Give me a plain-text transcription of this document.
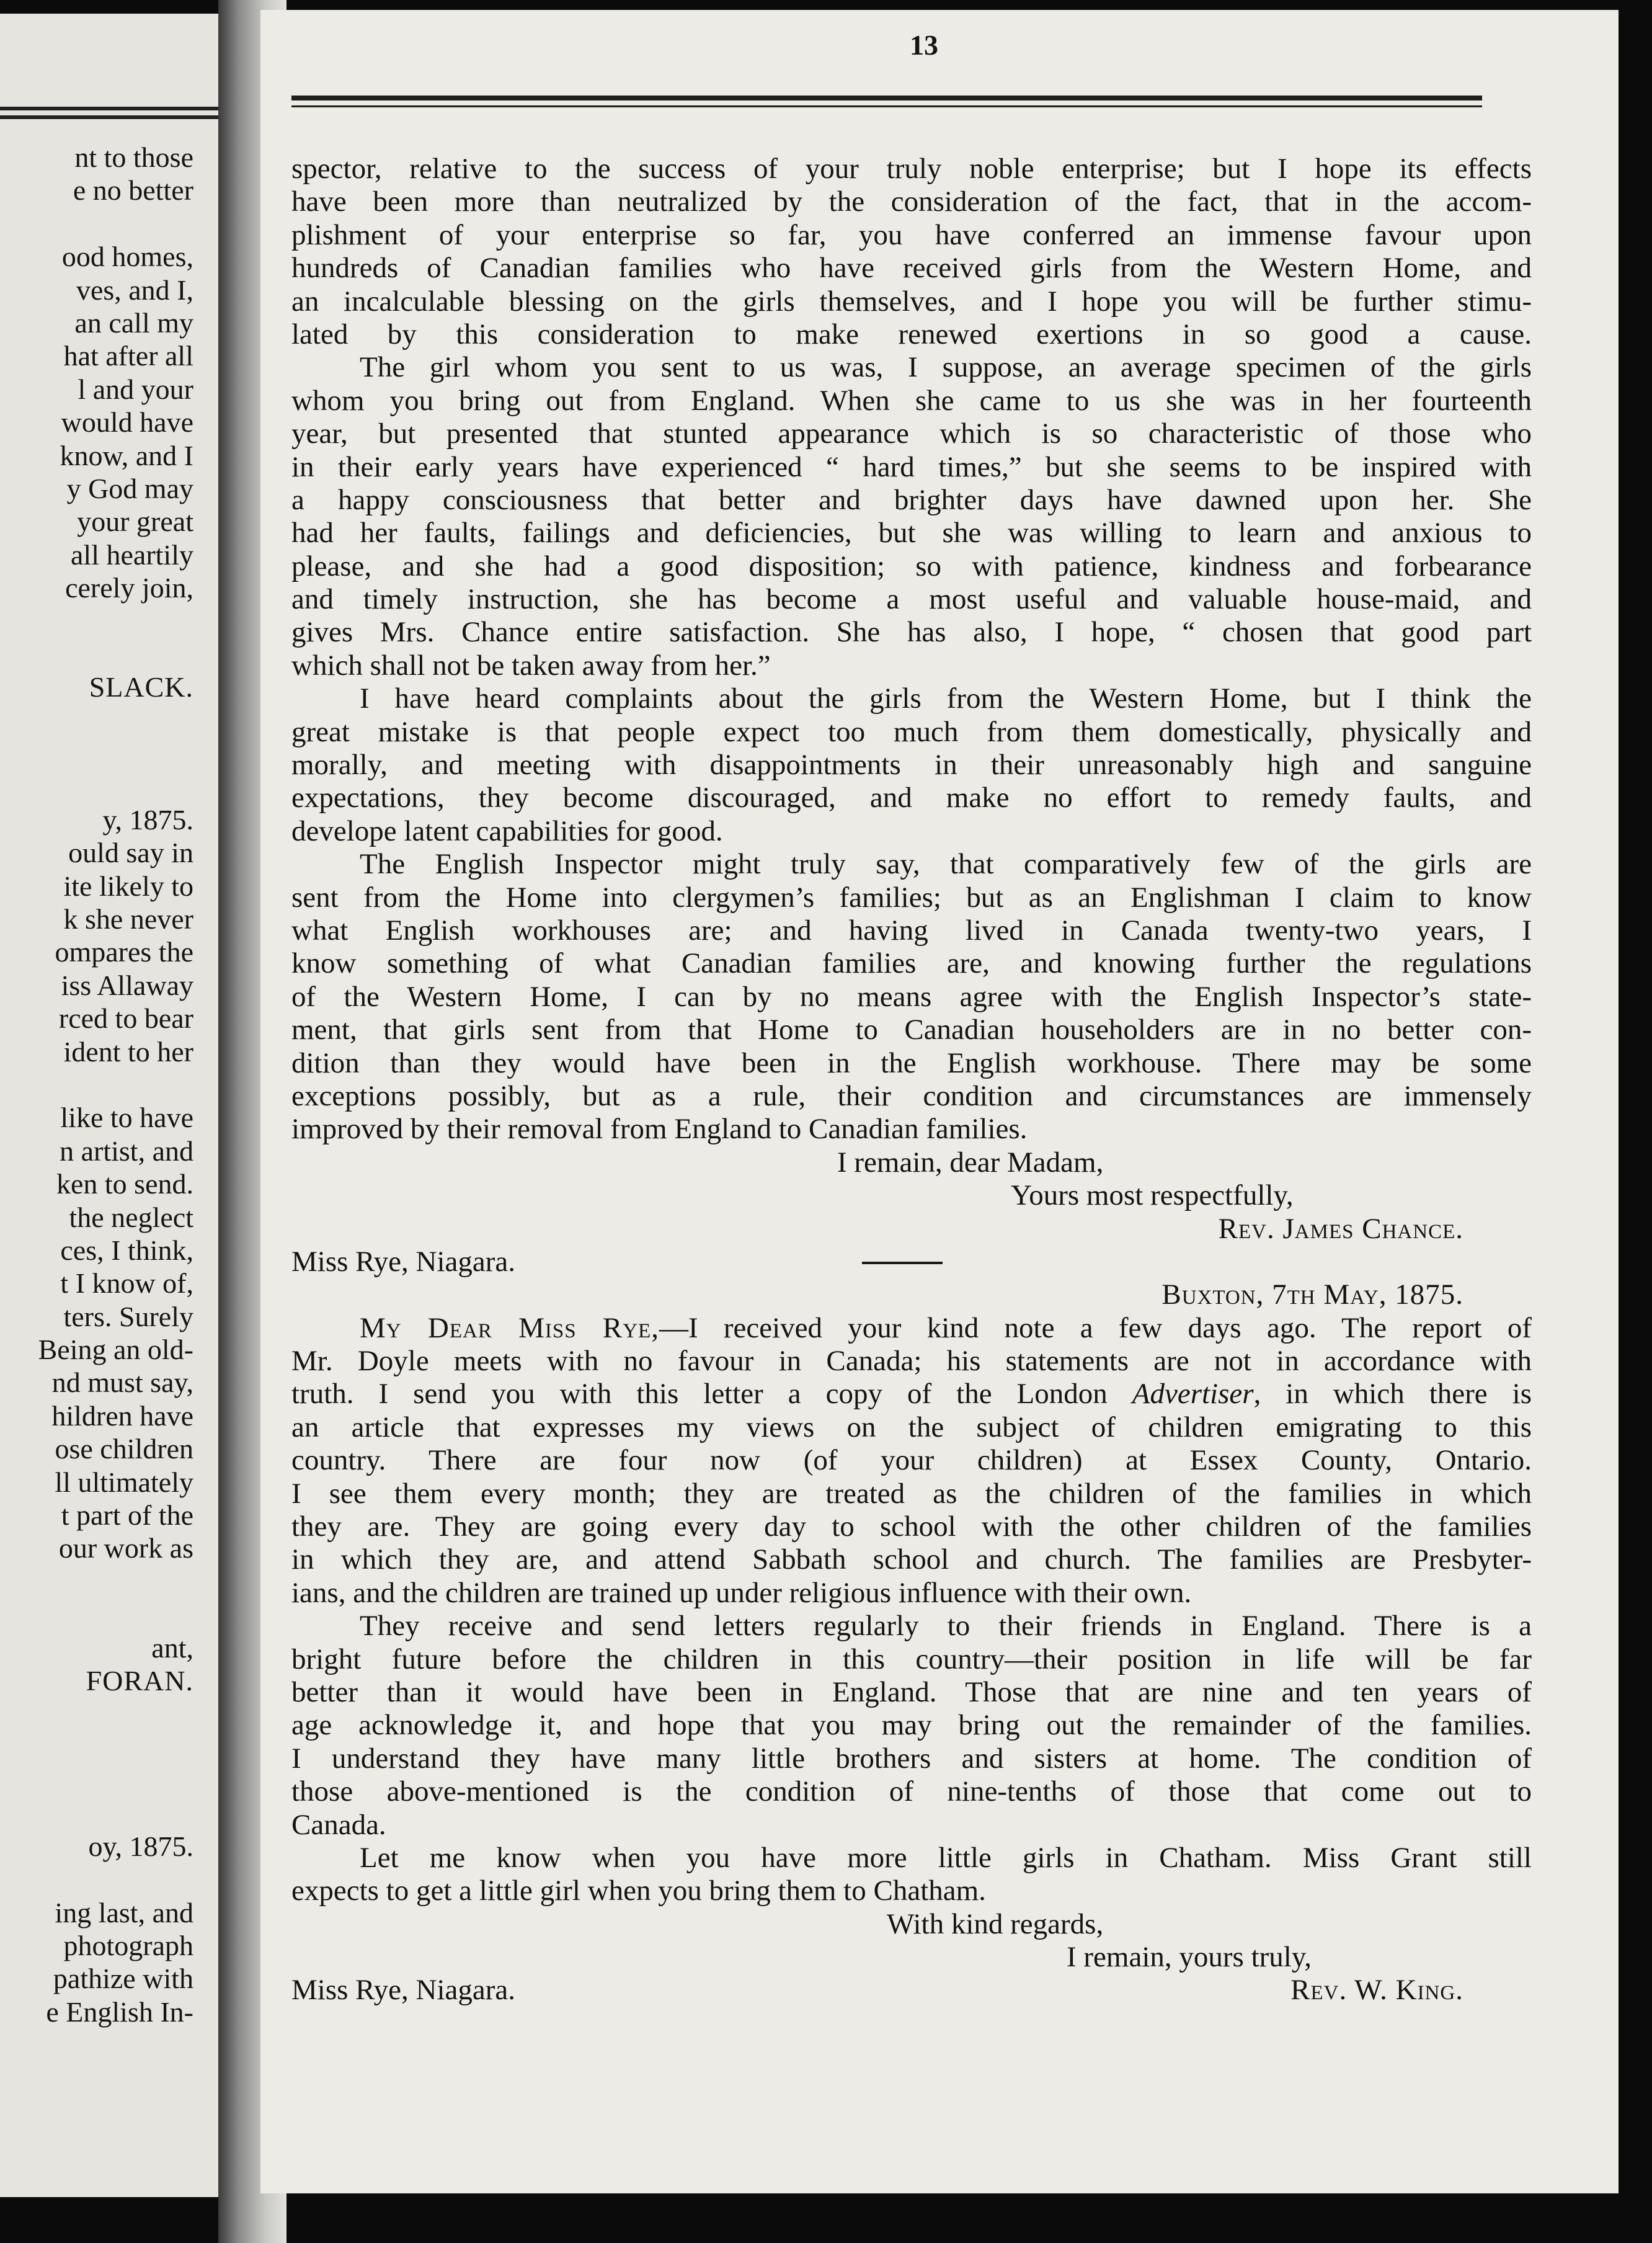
nt to those
e no better
ood homes,
ves, and I,
an call my
hat after all
l and your
would have
know, and I
y God may
your great
all heartily
cerely join,
SLACK.
y, 1875.
ould say in
ite likely to
k she never
ompares the
iss Allaway
rced to bear
ident to her
like to have
n artist, and
ken to send.
the neglect
ces, I think,
t I know of,
ters. Surely
Being an old-
nd must say,
hildren have
ose children
ll ultimately
t part of the
our work as
ant,
FORAN.
oy, 1875.
ing last, and
photograph
pathize with
e English In-
13
spector, relative to the success of your truly noble enterprise; but I hope its effects
have been more than neutralized by the consideration of the fact, that in the accom-
plishment of your enterprise so far, you have conferred an immense favour upon
hundreds of Canadian families who have received girls from the Western Home, and
an incalculable blessing on the girls themselves, and I hope you will be further stimu-
lated by this consideration to make renewed exertions in so good a cause.
The girl whom you sent to us was, I suppose, an average specimen of the girls
whom you bring out from England. When she came to us she was in her fourteenth
year, but presented that stunted appearance which is so characteristic of those who
in their early years have experienced “ hard times,” but she seems to be inspired with
a happy consciousness that better and brighter days have dawned upon her. She
had her faults, failings and deficiencies, but she was willing to learn and anxious to
please, and she had a good disposition; so with patience, kindness and forbearance
and timely instruction, she has become a most useful and valuable house-maid, and
gives Mrs. Chance entire satisfaction. She has also, I hope, “ chosen that good part
which shall not be taken away from her.”
I have heard complaints about the girls from the Western Home, but I think the
great mistake is that people expect too much from them domestically, physically and
morally, and meeting with disappointments in their unreasonably high and sanguine
expectations, they become discouraged, and make no effort to remedy faults, and
develope latent capabilities for good.
The English Inspector might truly say, that comparatively few of the girls are
sent from the Home into clergymen’s families; but as an Englishman I claim to know
what English workhouses are; and having lived in Canada twenty-two years, I
know something of what Canadian families are, and knowing further the regulations
of the Western Home, I can by no means agree with the English Inspector’s state-
ment, that girls sent from that Home to Canadian householders are in no better con-
dition than they would have been in the English workhouse. There may be some
exceptions possibly, but as a rule, their condition and circumstances are immensely
improved by their removal from England to Canadian families.
I remain, dear Madam,
Yours most respectfully,
Rev. James Chance.
Miss Rye, Niagara.
Buxton, 7th May, 1875.
My Dear Miss Rye,—I received your kind note a few days ago. The report of
Mr. Doyle meets with no favour in Canada; his statements are not in accordance with
truth. I send you with this letter a copy of the London Advertiser, in which there is
an article that expresses my views on the subject of children emigrating to this
country. There are four now (of your children) at Essex County, Ontario.
I see them every month; they are treated as the children of the families in which
they are. They are going every day to school with the other children of the families
in which they are, and attend Sabbath school and church. The families are Presbyter-
ians, and the children are trained up under religious influence with their own.
They receive and send letters regularly to their friends in England. There is a
bright future before the children in this country—their position in life will be far
better than it would have been in England. Those that are nine and ten years of
age acknowledge it, and hope that you may bring out the remainder of the families.
I understand they have many little brothers and sisters at home. The condition of
those above-mentioned is the condition of nine-tenths of those that come out to
Canada.
Let me know when you have more little girls in Chatham. Miss Grant still
expects to get a little girl when you bring them to Chatham.
With kind regards,
I remain, yours truly,
Miss Rye, Niagara.	Rev. W. King.
